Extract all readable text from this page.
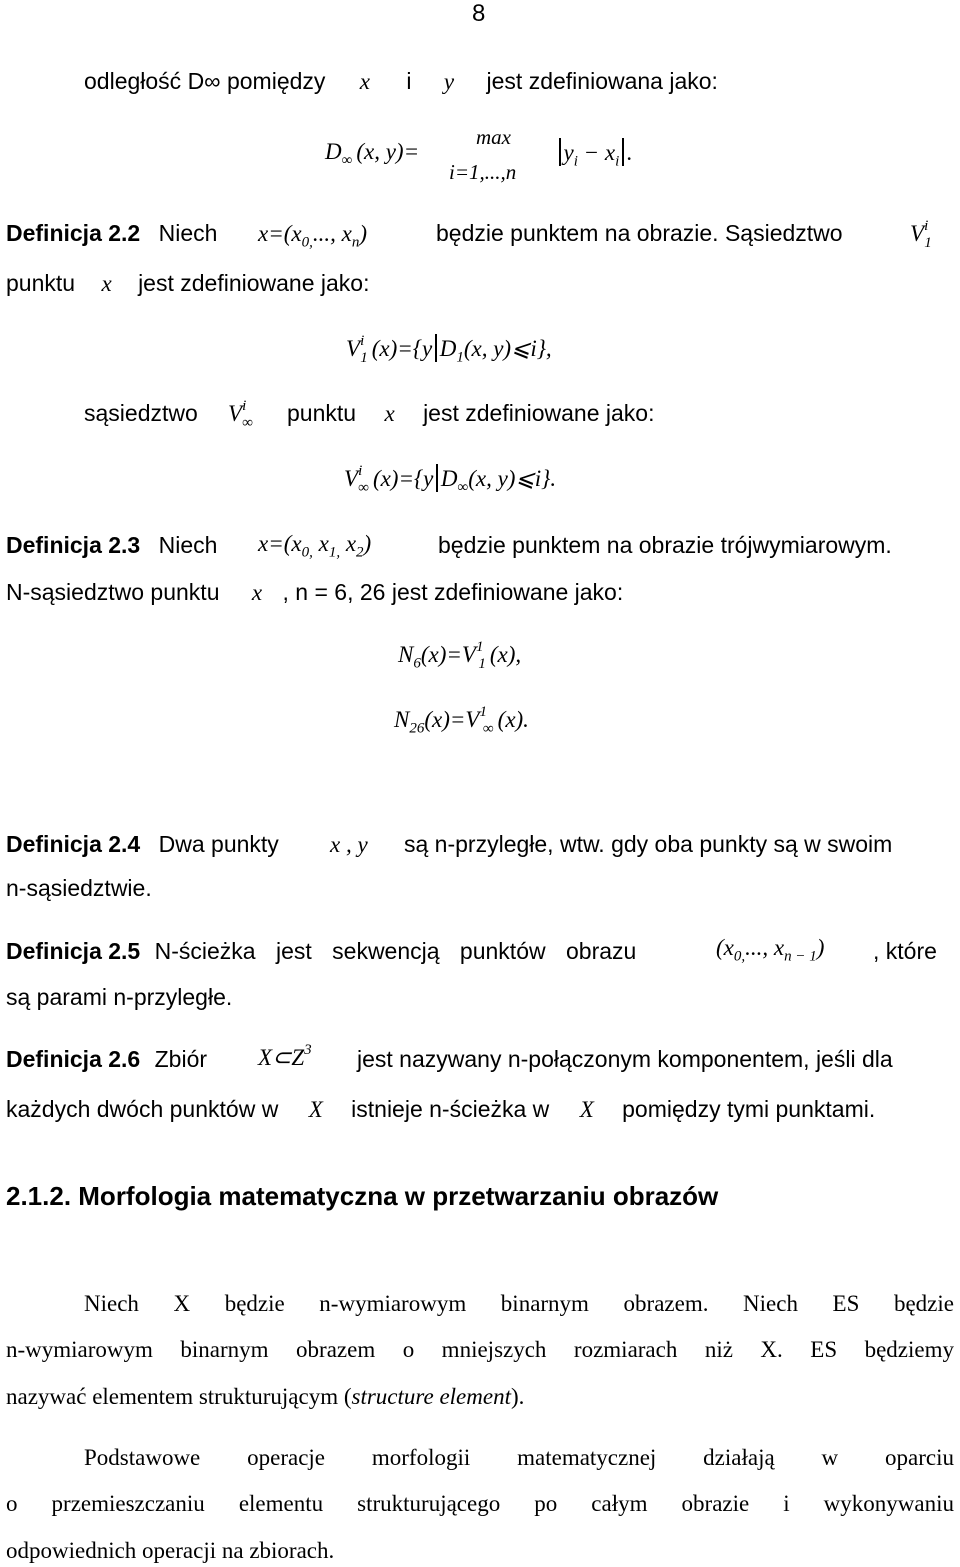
8
odległość D∞ pomiędzy x i y jest zdefiniowana jako:
$D_\infty$ (x, y)=
max
i=1,...,n
$y_i - x_i$ .
Definicja 2.2 Niech $x=(x_{0,}$..., $x_n$)	będzie punktem na obrazie. Sąsiedztwo	$V^i_1$
punktu x jest zdefiniowane jako:
$V^i_1$ (x)={y $D_1(x$, y)⩽i},
sąsiedztwo $V^i_\infty$ punktu x jest zdefiniowane jako:
$V^i_\infty$ (x)={y $D_\infty(x$, y)⩽i}.
Definicja 2.3 Niech $x=(x_{0,}$ $x_{1,}$ $x_2$)	będzie punktem na obrazie trójwymiarowym.
N-sąsiedztwo punktu x , n = 6, 26 jest zdefiniowane jako:
$N_6(x)=V^1_1$ (x),
$N_{26}(x)=V^1_\infty$ (x).
Definicja 2.4 Dwa punkty x , y są n-przyległe, wtw. gdy oba punkty są w swoim
n-sąsiedztwie.
Definicja 2.5 N-ścieżka jest sekwencją punktów obrazu	($x_{0,}$..., $x_{n - 1}$) , które
są parami n-przyległe.
Definicja 2.6 Zbiór $X\subset Z^3$ jest nazywany n-połączonym komponentem, jeśli dla
każdych dwóch punktów w X istnieje n-ścieżka w X pomiędzy tymi punktami.
2.1.2. Morfologia matematyczna w przetwarzaniu obrazów
Niech X będzie n-wymiarowym binarnym obrazem. Niech ES będzie
n-wymiarowym binarnym obrazem o mniejszych rozmiarach niż X. ES będziemy
nazywać elementem strukturującym (structure element).
Podstawowe operacje morfologii matematycznej działają w oparciu
o przemieszczaniu elementu strukturującego po całym obrazie i wykonywaniu
odpowiednich operacji na zbiorach.
